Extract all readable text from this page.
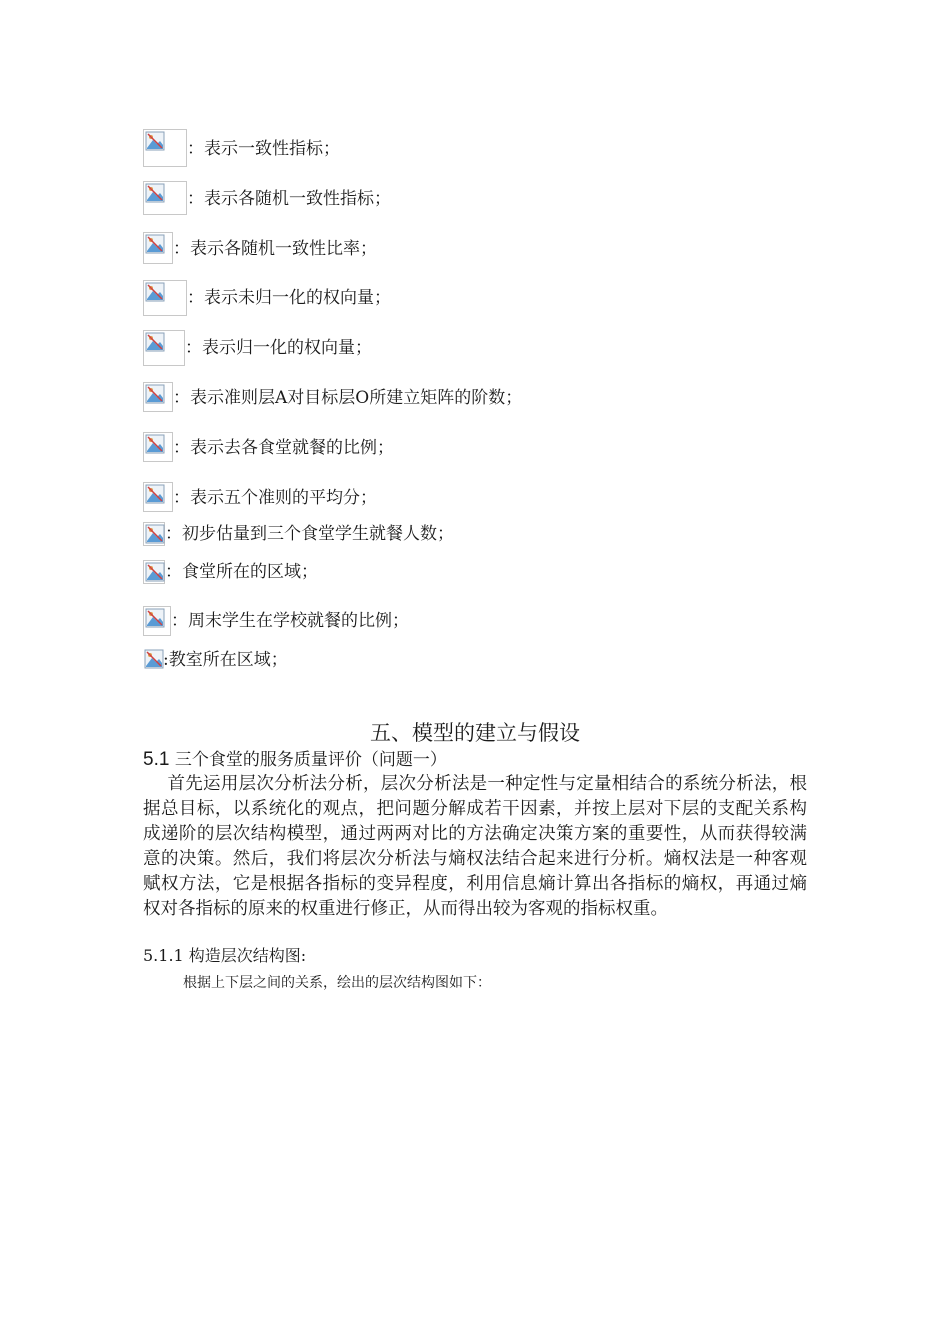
：表示一致性指标；
：表示各随机一致性指标；
：表示各随机一致性比率；
：表示未归一化的权向量；
：表示归一化的权向量；
：表示准则层A对目标层O所建立矩阵的阶数；
：表示去各食堂就餐的比例；
：表示五个准则的平均分；
：初步估量到三个食堂学生就餐人数；
：食堂所在的区域；
：周末学生在学校就餐的比例；
:教室所在区域；
五、模型的建立与假设
5.1 三个食堂的服务质量评价（问题一）
首先运用层次分析法分析，层次分析法是一种定性与定量相结合的系统分析法，根据总目标，以系统化的观点，把问题分解成若干因素，并按上层对下层的支配关系构成递阶的层次结构模型，通过两两对比的方法确定决策方案的重要性，从而获得较满意的决策。然后，我们将层次分析法与熵权法结合起来进行分析。熵权法是一种客观赋权方法，它是根据各指标的变异程度，利用信息熵计算出各指标的熵权，再通过熵权对各指标的原来的权重进行修正，从而得出较为客观的指标权重。
5.1.1 构造层次结构图:
根据上下层之间的关系，绘出的层次结构图如下：
